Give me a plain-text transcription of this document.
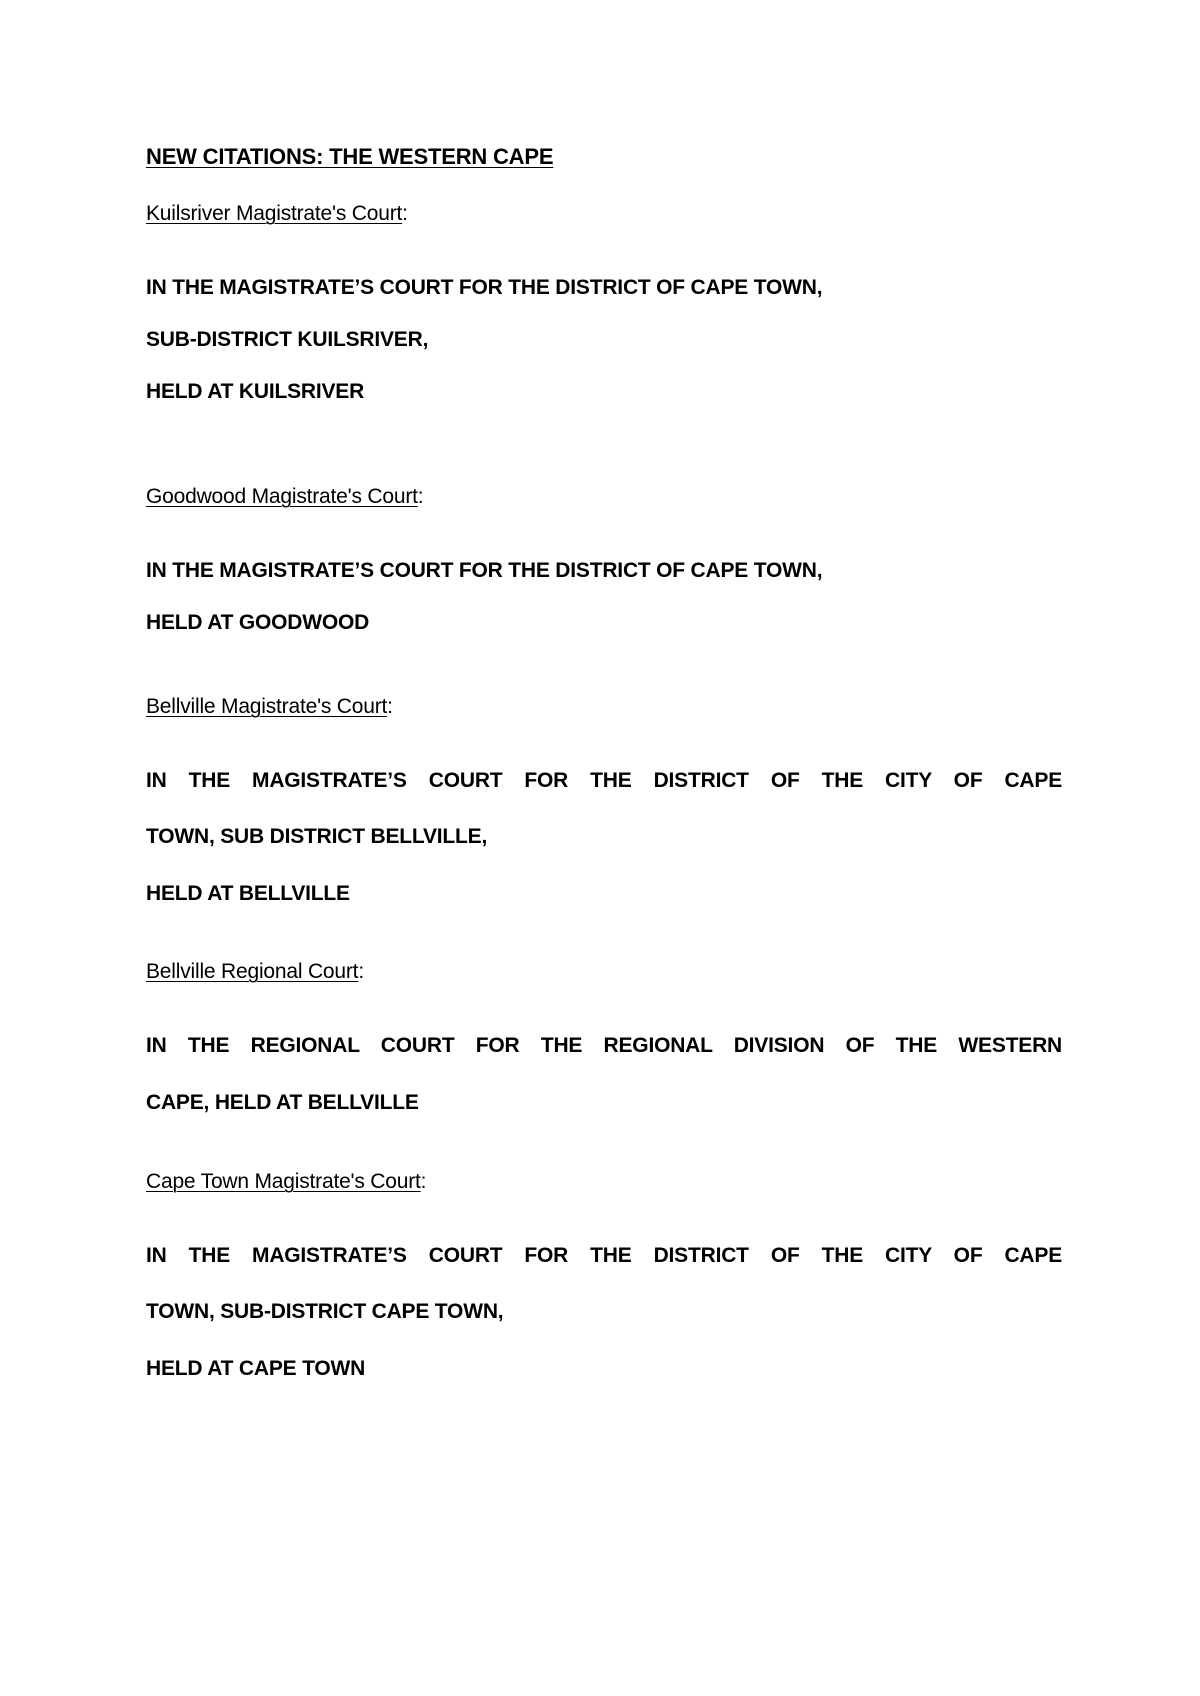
NEW CITATIONS: THE WESTERN CAPE

Kuilsriver Magistrate's Court:

IN THE MAGISTRATE’S COURT FOR THE DISTRICT OF CAPE TOWN,
SUB-DISTRICT KUILSRIVER,
HELD AT KUILSRIVER

Goodwood Magistrate's Court:

IN THE MAGISTRATE’S COURT FOR THE DISTRICT OF CAPE TOWN,
HELD AT GOODWOOD

Bellville Magistrate's Court:

IN THE MAGISTRATE’S COURT FOR THE DISTRICT OF THE CITY OF CAPE
TOWN, SUB DISTRICT BELLVILLE,
HELD AT BELLVILLE

Bellville Regional Court:

IN THE REGIONAL COURT FOR THE REGIONAL DIVISION OF THE WESTERN
CAPE, HELD AT BELLVILLE

Cape Town Magistrate's Court:

IN THE MAGISTRATE’S COURT FOR THE DISTRICT OF THE CITY OF CAPE
TOWN, SUB-DISTRICT CAPE TOWN,
HELD AT CAPE TOWN
